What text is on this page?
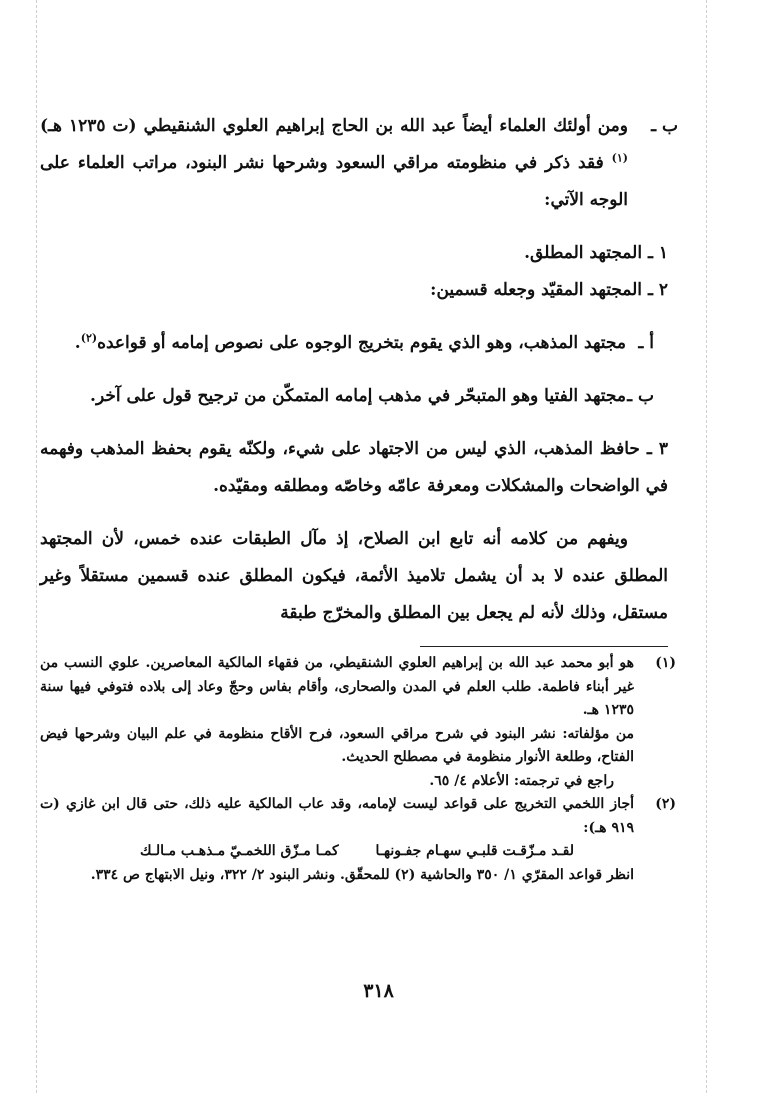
ب ـ
ومن أولئك العلماء أيضاً عبد الله بن الحاج إبراهيم العلوي الشنقيطي (ت ١٢٣٥ هـ)$^{(١)}$ فقد ذكر في منظومته مراقي السعود وشرحها نشر البنود، مراتب العلماء على الوجه الآتي:

١ ـ المجتهد المطلق.

٢ ـ المجتهد المقيّد وجعله قسمين:

أ ـ
مجتهد المذهب، وهو الذي يقوم بتخريج الوجوه على نصوص إمامه أو قواعده$^{(٢)}$.

ب ـ
مجتهد الفتيا وهو المتبحّر في مذهب إمامه المتمكّن من ترجيح قول على آخر.

٣ ـ حافظ المذهب، الذي ليس من الاجتهاد على شيء، ولكنّه يقوم بحفظ المذهب وفهمه في الواضحات والمشكلات ومعرفة عامّه وخاصّه ومطلقه ومقيّده.

ويفهم من كلامه أنه تابع ابن الصلاح، إذ مآل الطبقات عنده خمس، لأن المجتهد المطلق عنده لا بد أن يشمل تلاميذ الأئمة، فيكون المطلق عنده قسمين مستقلاً وغير مستقل، وذلك لأنه لم يجعل بين المطلق والمخرّج طبقة

(١)
هو أبو محمد عبد الله بن إبراهيم العلوي الشنقيطي، من فقهاء المالكية المعاصرين. علوي النسب من غير أبناء فاطمة. طلب العلم في المدن والصحارى، وأقام بفاس وحجّ وعاد إلى بلاده فتوفي فيها سنة ١٢٣٥ هـ.
من مؤلفاته: نشر البنود في شرح مراقي السعود، فرح الأقاح منظومة في علم البيان وشرحها فيض الفتاح، وطلعة الأنوار منظومة في مصطلح الحديث.
راجع في ترجمته: الأعلام ٤/ ٦٥.
(٢)
أجاز اللخمي التخريج على قواعد ليست لإمامه، وقد عاب المالكية عليه ذلك، حتى قال ابن غازي (ت ٩١٩ هـ):
لقـد مـزّقـت قلبـي سهـام جفـونهـا
كمـا مـزّق اللخمـيّ مـذهـب مـالـك
انظر قواعد المقرّي ١/ ٣٥٠ والحاشية (٢) للمحقّق. ونشر البنود ٢/ ٣٢٢، ونيل الابتهاج ص ٣٣٤.
٣١٨
